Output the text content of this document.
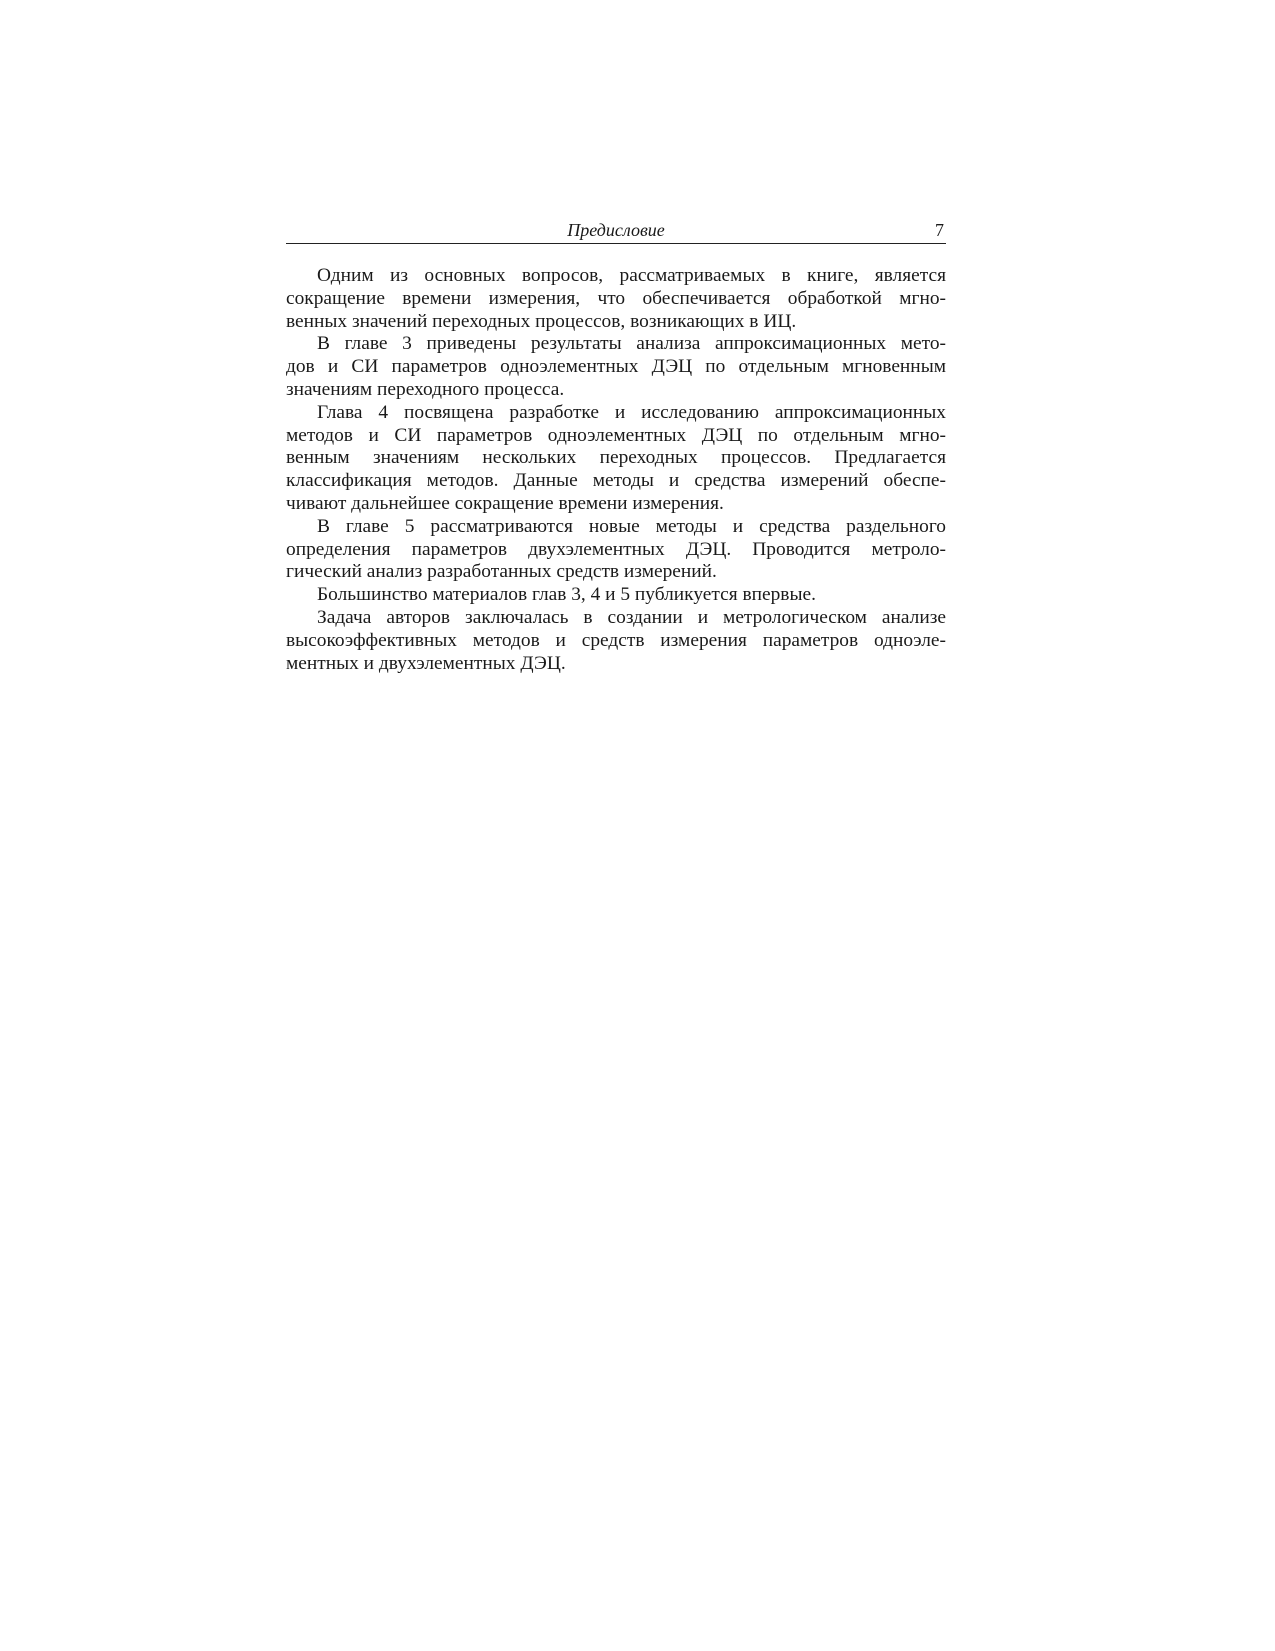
Предисловие	7
Одним из основных вопросов, рассматриваемых в книге, является
сокращение времени измерения, что обеспечивается обработкой мгно-
венных значений переходных процессов, возникающих в ИЦ.
В главе 3 приведены результаты анализа аппроксимационных мето-
дов и СИ параметров одноэлементных ДЭЦ по отдельным мгновенным
значениям переходного процесса.
Глава 4 посвящена разработке и исследованию аппроксимационных
методов и СИ параметров одноэлементных ДЭЦ по отдельным мгно-
венным значениям нескольких переходных процессов. Предлагается
классификация методов. Данные методы и средства измерений обеспе-
чивают дальнейшее сокращение времени измерения.
В главе 5 рассматриваются новые методы и средства раздельного
определения параметров двухэлементных ДЭЦ. Проводится метроло-
гический анализ разработанных средств измерений.
Большинство материалов глав 3, 4 и 5 публикуется впервые.
Задача авторов заключалась в создании и метрологическом анализе
высокоэффективных методов и средств измерения параметров одноэле-
ментных и двухэлементных ДЭЦ.
